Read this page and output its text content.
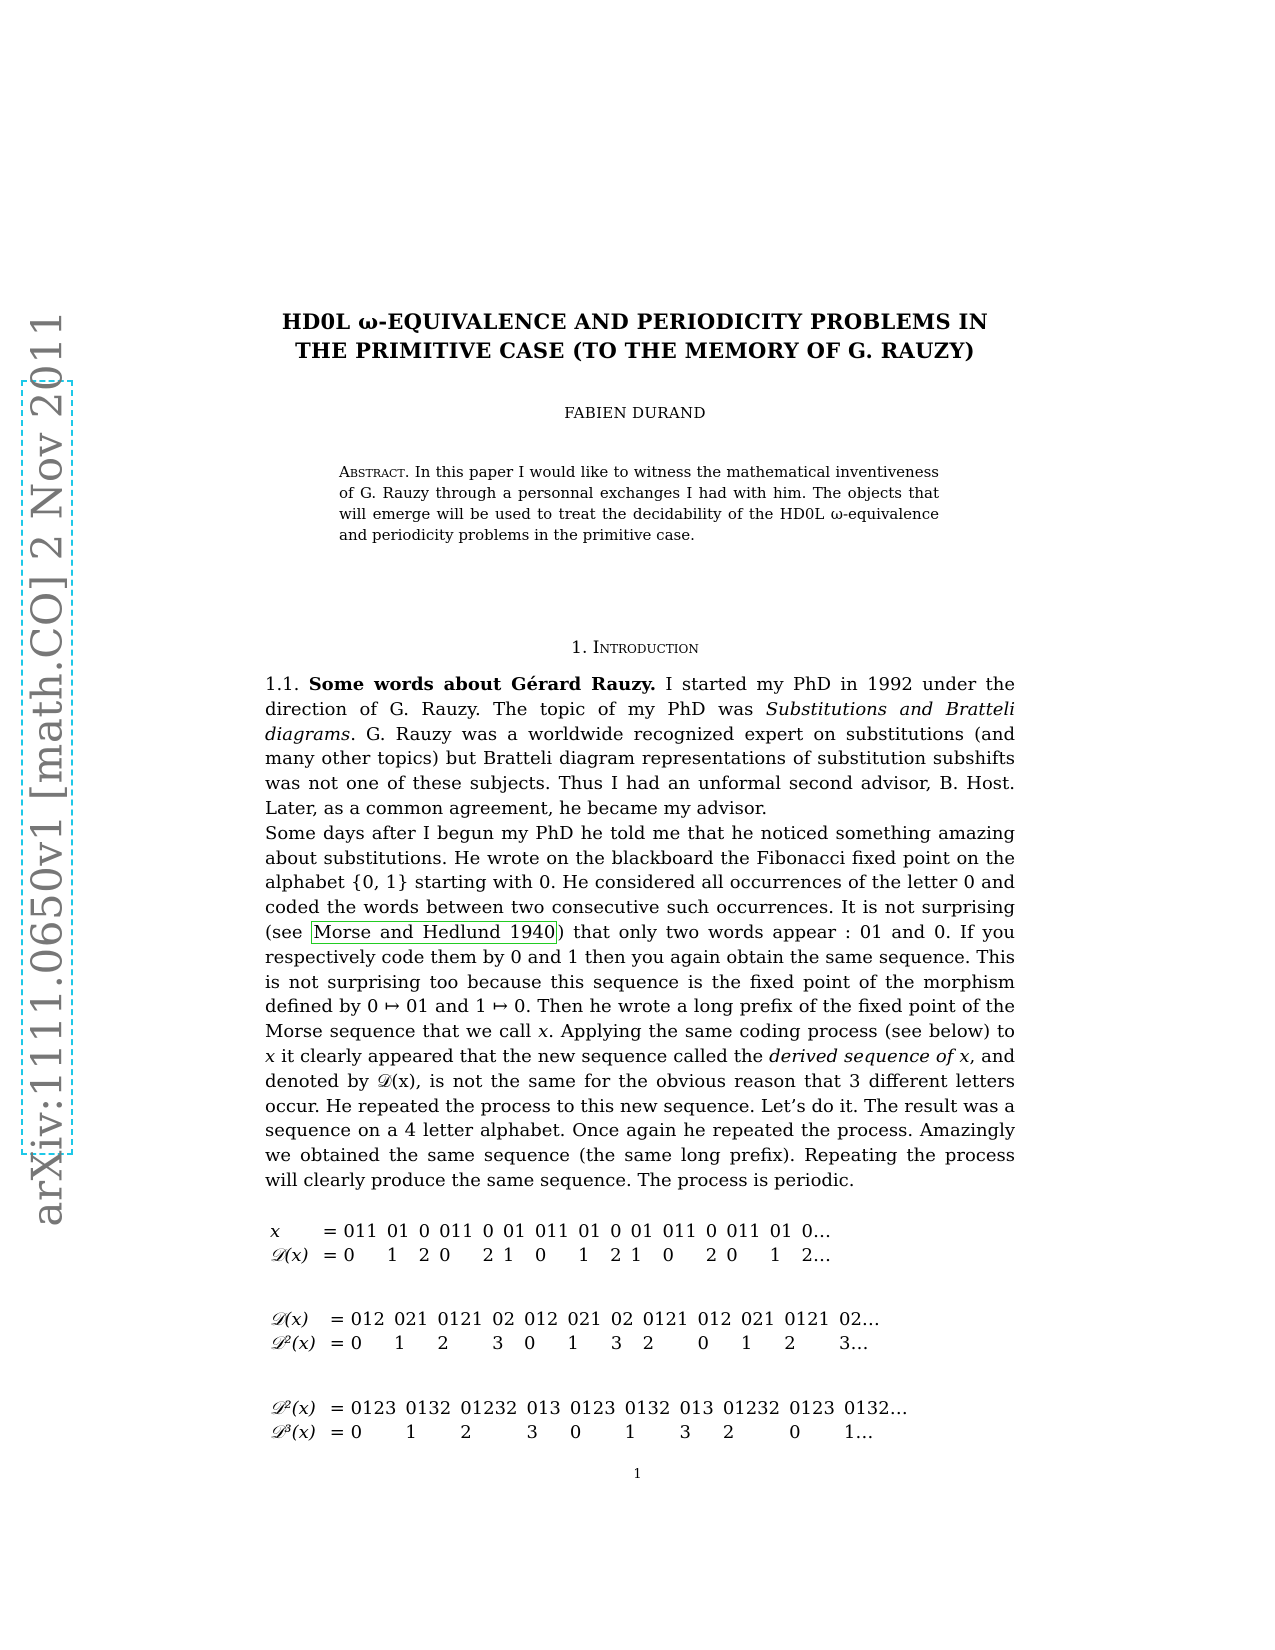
arXiv:1111.0650v1 [math.CO] 2 Nov 2011	HD0L ω-EQUIVALENCE AND PERIODICITY PROBLEMS IN
THE PRIMITIVE CASE (TO THE MEMORY OF G. RAUZY)
FABIEN DURAND
Abstract. In this paper I would like to witness the mathematical inventiveness of G. Rauzy through a personnal exchanges I had with him. The objects that will emerge will be used to treat the decidability of the HD0L ω-equivalence and periodicity problems in the primitive case.
1. Introduction

1.1. Some words about Gérard Rauzy. I started my PhD in 1992 under the direction of G. Rauzy. The topic of my PhD was Substitutions and Bratteli diagrams. G. Rauzy was a worldwide recognized expert on substitutions (and many other topics) but Bratteli diagram representations of substitution subshifts was not one of these subjects. Thus I had an unformal second advisor, B. Host. Later, as a common agreement, he became my advisor.

Some days after I begun my PhD he told me that he noticed something amazing about substitutions. He wrote on the blackboard the Fibonacci fixed point on the alphabet {0, 1} starting with 0. He considered all occurrences of the letter 0 and coded the words between two consecutive such occurrences. It is not surprising (see Morse and Hedlund 1940 ) that only two words appear : 01 and 0. If you respectively code them by 0 and 1 then you again obtain the same sequence. This is not surprising too because this sequence is the fixed point of the morphism defined by 0 ↦ 01 and 1 ↦ 0. Then he wrote a long prefix of the fixed point of the Morse sequence that we call x. Applying the same coding process (see below) to x it clearly appeared that the new sequence called the derived sequence of x, and denoted by 𝒟(x), is not the same for the obvious reason that 3 different letters occur. He repeated the process to this new sequence. Let’s do it. The result was a sequence on a 4 letter alphabet. Once again he repeated the process. Amazingly we obtained the same sequence (the same long prefix). Repeating the process will clearly produce the same sequence. The process is periodic.

x	= 011	01	0	011	0	01	011	01	0	01	011	0	011	01	0…
𝒟(x)	= 0	1	2	0	2	1	0	1	2	1	0	2	0	1	2…
𝒟(x)	= 012	021	0121	02	012	021	02	0121	012	021	0121	02…
𝒟²(x)	= 0	1	2	3	0	1	3	2	0	1	2	3…
𝒟²(x)	= 0123	0132	01232	013	0123	0132	013	01232	0123	0132…
𝒟³(x)	= 0	1	2	3	0	1	3	2	0	1…
1
